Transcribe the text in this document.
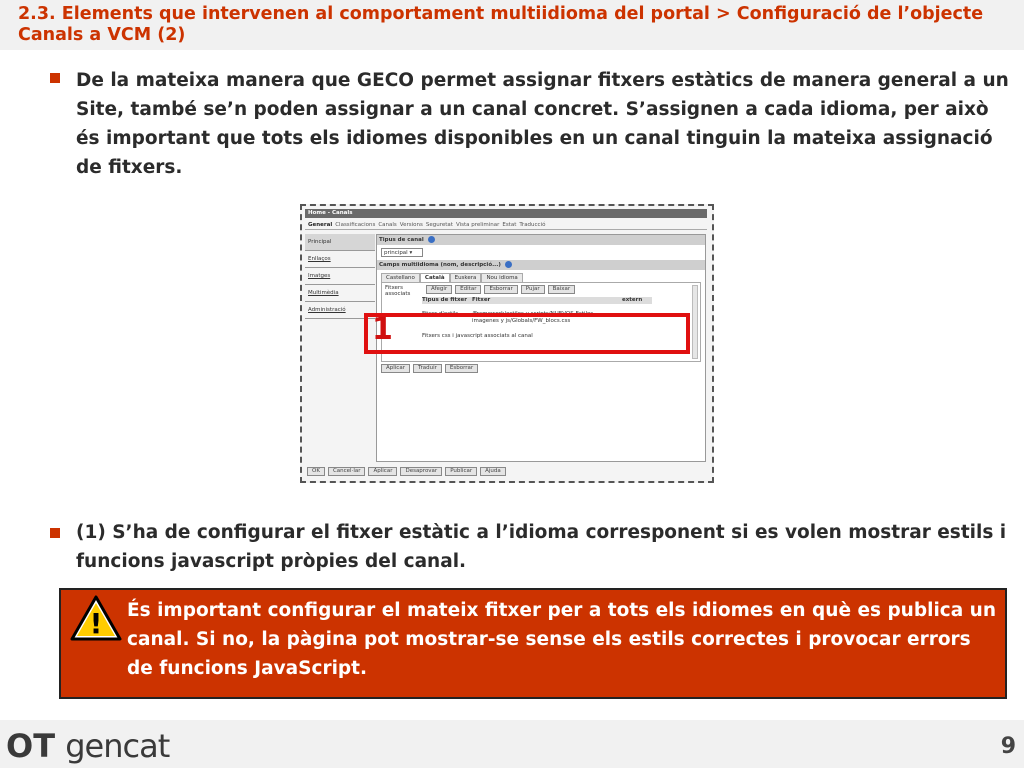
2.3. Elements que intervenen al comportament multiidioma del portal > Configuració de l’objecte Canals a VCM (2)
De la mateixa manera que GECO permet assignar fitxers estàtics de manera general a un Site, també se’n poden assignar a un canal concret. S’assignen a cada idioma, per això és important que tots els idiomes disponibles en un canal tinguin la mateixa assignació de fitxers.
Home - Canals
General Classificacions Canals Versions Seguretat Vista preliminar Estat Traducció
Principal
Enllaços
Imatges
Multimèdia
Administració
Tipus de canal
principal ▾
Camps multiidioma (nom, descripció...)
Castellano Català Euskera Nou idioma
Fitxers associats
Afegir Editar Esborrar Pujar Baixar
Tipus de fitxer Fitxer	extern
Fitxer d'estils /Framework/estilos y scripts/NUEVOS Estilos, imagenes y js/Globals/FW_blocs.css
Fitxers css i javascript associats al canal
Aplicar Traduir Esborrar
OK Cancel·lar Aplicar Desaprovar Publicar Ajuda
1
(1) S’ha de configurar el fitxer estàtic a l’idioma corresponent si es volen mostrar estils i funcions javascript pròpies del canal.
! És important configurar el mateix fitxer per a tots els idiomes en què es publica un canal. Si no, la pàgina pot mostrar-se sense els estils correctes i provocar errors de funcions JavaScript.
OT gencat	9
